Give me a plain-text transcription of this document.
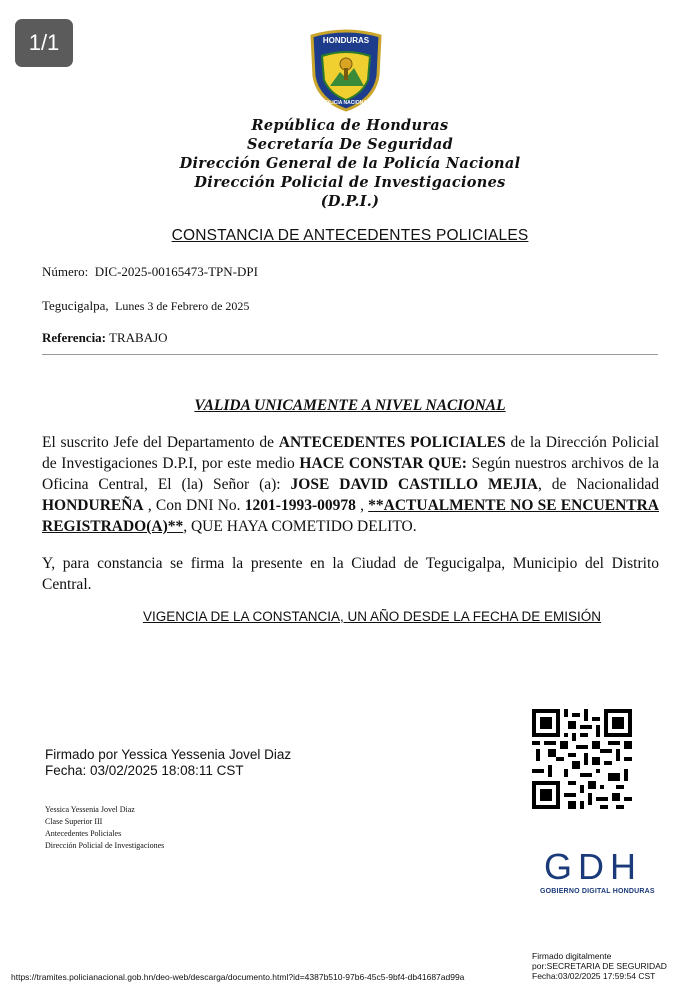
1/1	HONDURAS
POLICIA NACIONAL
República de Honduras
Secretaría De Seguridad
Dirección General de la Policía Nacional
Dirección Policial de Investigaciones
(D.P.I.)
CONSTANCIA DE ANTECEDENTES POLICIALES
Número: DIC-2025-00165473-TPN-DPI
Tegucigalpa, Lunes 3 de Febrero de 2025
Referencia: TRABAJO
VALIDA UNICAMENTE A NIVEL NACIONAL
El suscrito Jefe del Departamento de ANTECEDENTES POLICIALES de la Dirección Policial de Investigaciones D.P.I, por este medio HACE CONSTAR QUE: Según nuestros archivos de la Oficina Central, El (la) Señor (a): JOSE DAVID CASTILLO MEJIA, de Nacionalidad HONDUREÑA , Con DNI No. 1201-1993-00978 , **ACTUALMENTE NO SE ENCUENTRA REGISTRADO(A)**, QUE HAYA COMETIDO DELITO.
Y, para constancia se firma la presente en la Ciudad de Tegucigalpa, Municipio del Distrito Central.
VIGENCIA DE LA CONSTANCIA, UN AÑO DESDE LA FECHA DE EMISIÓN
Firmado por Yessica Yessenia Jovel Diaz
Fecha: 03/02/2025 18:08:11 CST
Yessica Yessenia Jovel Diaz
Clase Superior III
Antecedentes Policiales
Dirección Policial de Investigaciones
GDH
GOBIERNO DIGITAL HONDURAS
https://tramites.policianacional.gob.hn/deo-web/descarga/documento.html?id=4387b510-97b6-45c5-9bf4-db41687ad99a
Firmado digitalmente
por:SECRETARIA DE SEGURIDAD
Fecha:03/02/2025 17:59:54 CST
